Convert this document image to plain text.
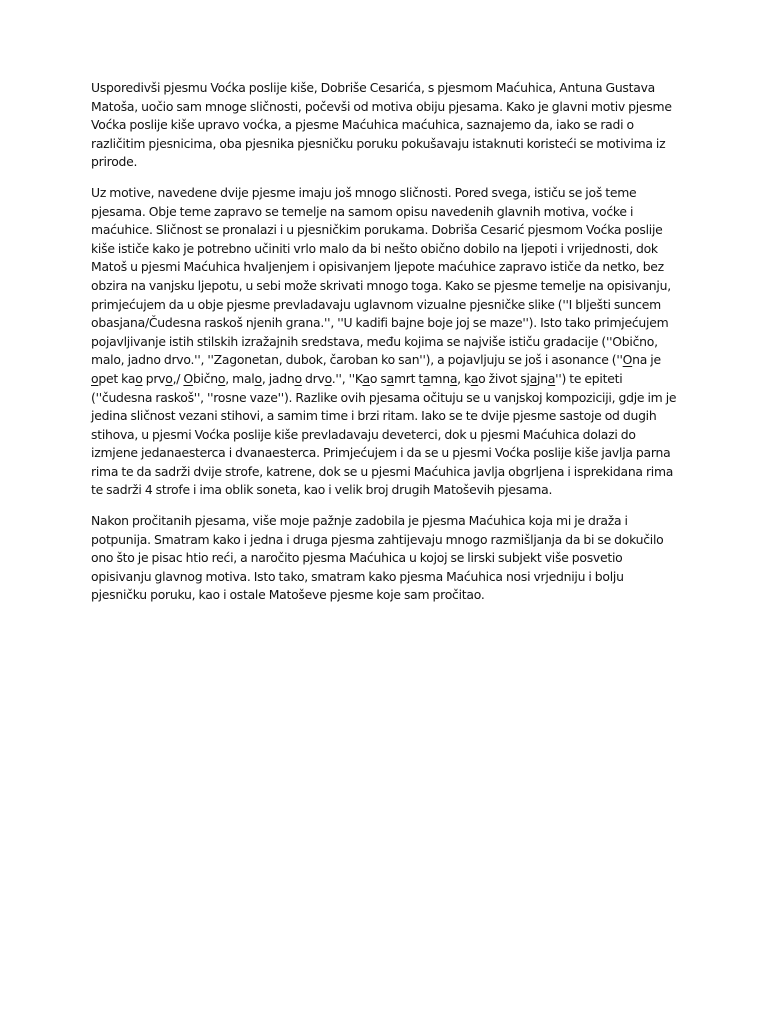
Usporedivši pjesmu Voćka poslije kiše, Dobriše Cesarića, s pjesmom Maćuhica, Antuna Gustava Matoša, uočio sam mnoge sličnosti, počevši od motiva obiju pjesama. Kako je glavni motiv pjesme Voćka poslije kiše upravo voćka, a pjesme Maćuhica maćuhica, saznajemo da, iako se radi o različitim pjesnicima, oba pjesnika pjesničku poruku pokušavaju istaknuti koristeći se motivima iz prirode.

Uz motive, navedene dvije pjesme imaju još mnogo sličnosti. Pored svega, ističu se još teme pjesama. Obje teme zapravo se temelje na samom opisu navedenih glavnih motiva, voćke i maćuhice. Sličnost se pronalazi i u pjesničkim porukama. Dobriša Cesarić pjesmom Voćka poslije kiše ističe kako je potrebno učiniti vrlo malo da bi nešto obično dobilo na ljepoti i vrijednosti, dok Matoš u pjesmi Maćuhica hvaljenjem i opisivanjem ljepote maćuhice zapravo ističe da netko, bez obzira na vanjsku ljepotu, u sebi može skrivati mnogo toga. Kako se pjesme temelje na opisivanju, primjećujem da u obje pjesme prevladavaju uglavnom vizualne pjesničke slike (''I blješti suncem obasjana/Čudesna raskoš njenih grana.'', ''U kadifi bajne boje joj se maze''). Isto tako primjećujem pojavljivanje istih stilskih izražajnih sredstava, među kojima se najviše ističu gradacije (''Obično, malo, jadno drvo.'', ''Zagonetan, dubok, čaroban ko san''), a pojavljuju se još i asonance (''Ona je opet kao prvo,/ Obično, malo, jadno drvo.'', ''Kao samrt tamna, kao život sjajna'') te epiteti (''čudesna raskoš'', ''rosne vaze''). Razlike ovih pjesama očituju se u vanjskoj kompoziciji, gdje im je jedina sličnost vezani stihovi, a samim time i brzi ritam. Iako se te dvije pjesme sastoje od dugih stihova, u pjesmi Voćka poslije kiše prevladavaju deveterci, dok u pjesmi Maćuhica dolazi do izmjene jedanaesterca i dvanaesterca. Primjećujem i da se u pjesmi Voćka poslije kiše javlja parna rima te da sadrži dvije strofe, katrene, dok se u pjesmi Maćuhica javlja obgrljena i isprekidana rima te sadrži 4 strofe i ima oblik soneta, kao i velik broj drugih Matoševih pjesama.

Nakon pročitanih pjesama, više moje pažnje zadobila je pjesma Maćuhica koja mi je draža i potpunija. Smatram kako i jedna i druga pjesma zahtijevaju mnogo razmišljanja da bi se dokučilo ono što je pisac htio reći, a naročito pjesma Maćuhica u kojoj se lirski subjekt više posvetio opisivanju glavnog motiva. Isto tako, smatram kako pjesma Maćuhica nosi vrjedniju i bolju pjesničku poruku, kao i ostale Matoševe pjesme koje sam pročitao.
